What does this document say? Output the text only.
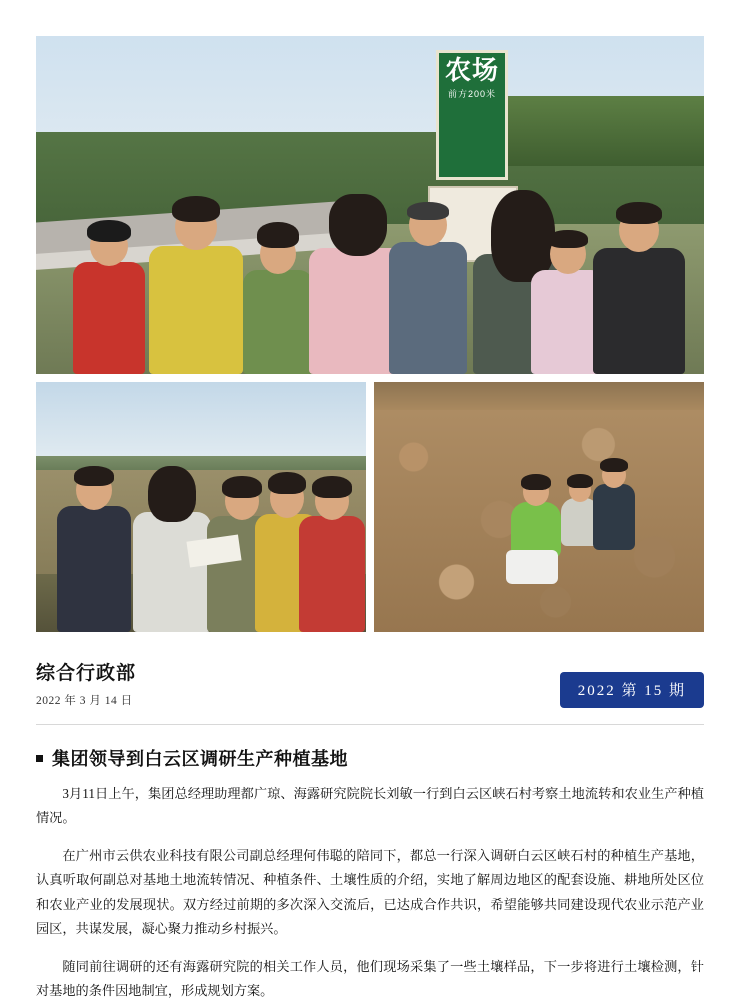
农场
前方200米
综合行政部
2022 年 3 月 14 日
2022 第 15 期
集团领导到白云区调研生产种植基地

3月11日上午，集团总经理助理都广琼、海露研究院院长刘敏一行到白云区峡石村考察土地流转和农业生产种植情况。

在广州市云供农业科技有限公司副总经理何伟聪的陪同下，都总一行深入调研白云区峡石村的种植生产基地，认真听取何副总对基地土地流转情况、种植条件、土壤性质的介绍，实地了解周边地区的配套设施、耕地所处区位和农业产业的发展现状。双方经过前期的多次深入交流后，已达成合作共识，希望能够共同建设现代农业示范产业园区，共谋发展，凝心聚力推动乡村振兴。

随同前往调研的还有海露研究院的相关工作人员，他们现场采集了一些土壤样品，下一步将进行土壤检测，针对基地的条件因地制宜，形成规划方案。
